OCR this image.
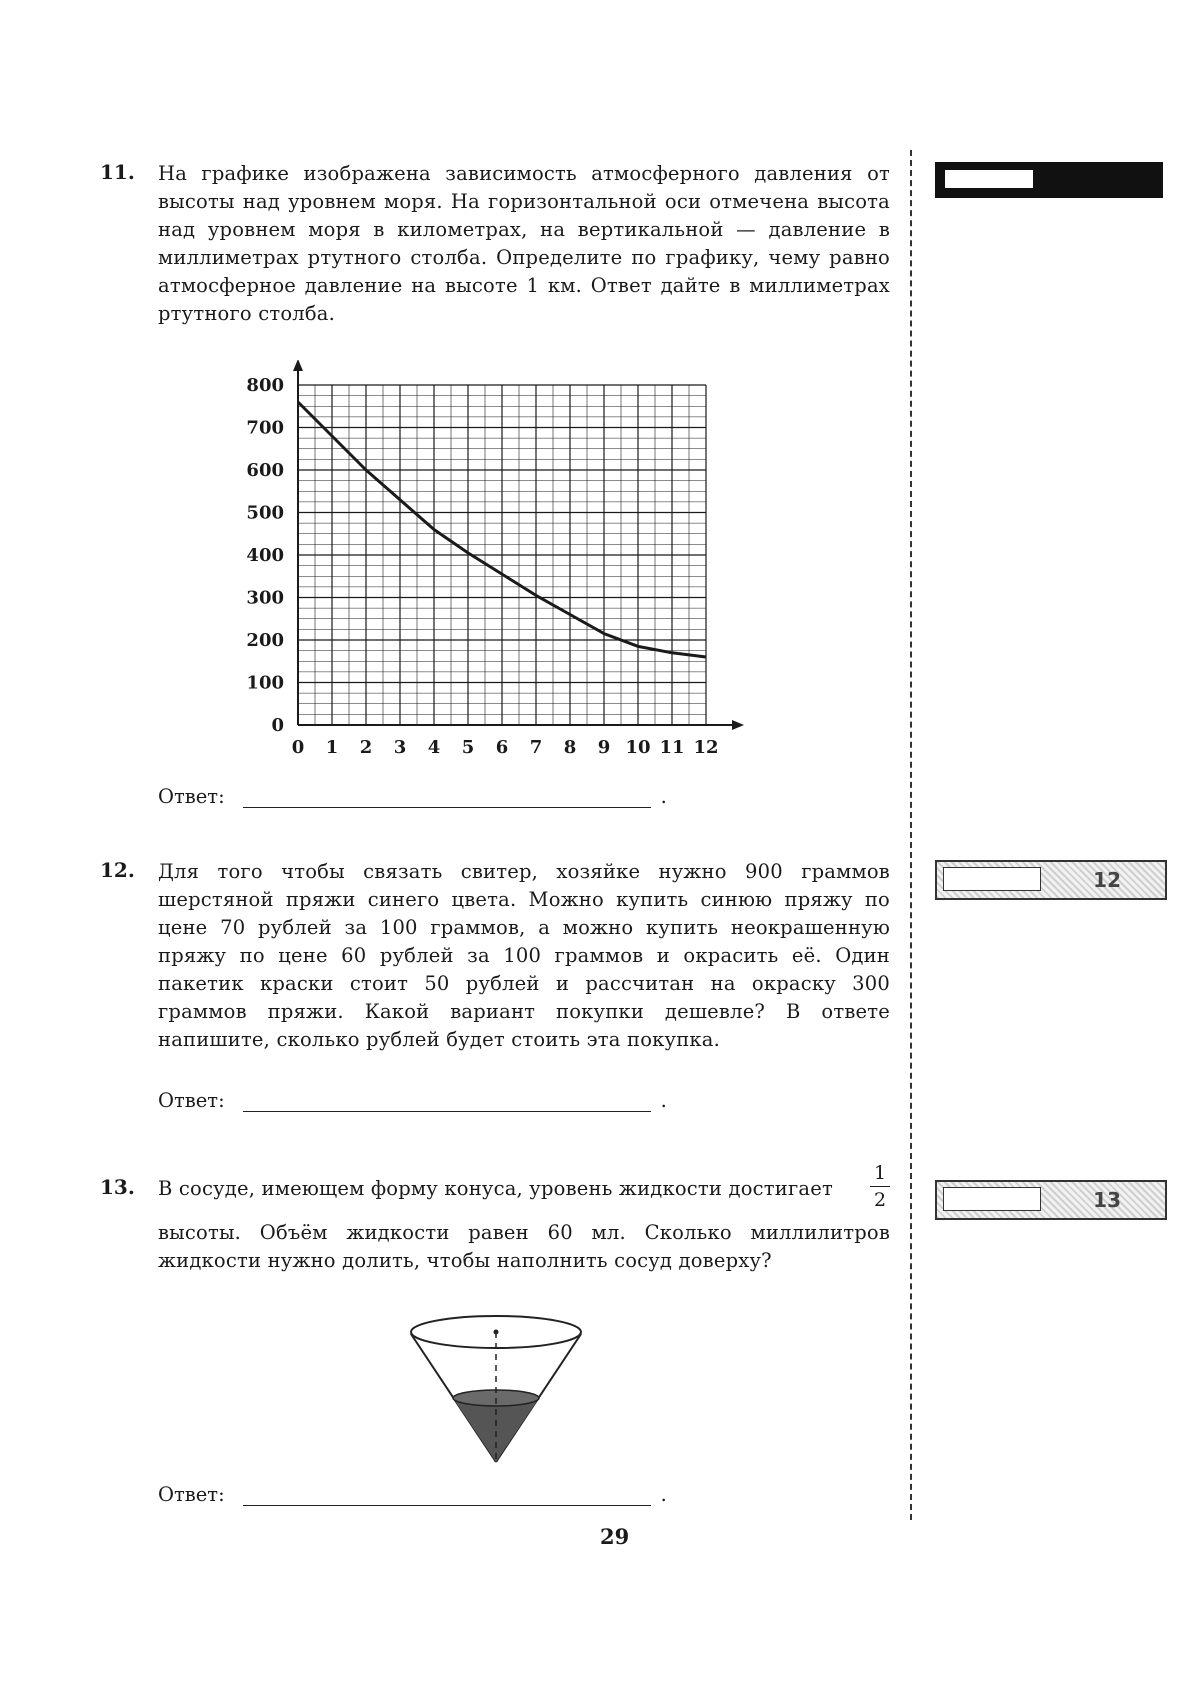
11. На графике изображена зависимость атмосферного давления от высоты над уровнем моря. На горизонтальной оси отмечена высота над уровнем моря в километрах, на вертикальной — давление в миллиметрах ртутного столба. Определите по графику, чему равно атмосферное давление на высоте 1 км. Ответ дайте в миллиметрах ртутного столба.
0 1 2 3 4 5 6 7 8 9 10 11 12
0
100
200
300
400
500
600
700
800
Ответ:	.
12. Для того чтобы связать свитер, хозяйке нужно 900 граммов шерстяной пряжи синего цвета. Можно купить синюю пряжу по цене 70 рублей за 100 граммов, а можно купить неокрашенную пряжу по цене 60 рублей за 100 граммов и окрасить её. Один пакетик краски стоит 50 рублей и рассчитан на окраску 300 граммов пряжи. Какой вариант покупки дешевле? В ответе напишите, сколько рублей будет стоить эта покупка.
Ответ:	.
13. В сосуде, имеющем форму конуса, уровень жидкости достигает
высоты. Объём жидкости равен 60 мл. Сколько миллилитров жидкости нужно долить, чтобы наполнить сосуд доверху?
1
2
Ответ:	.
12
13
29
